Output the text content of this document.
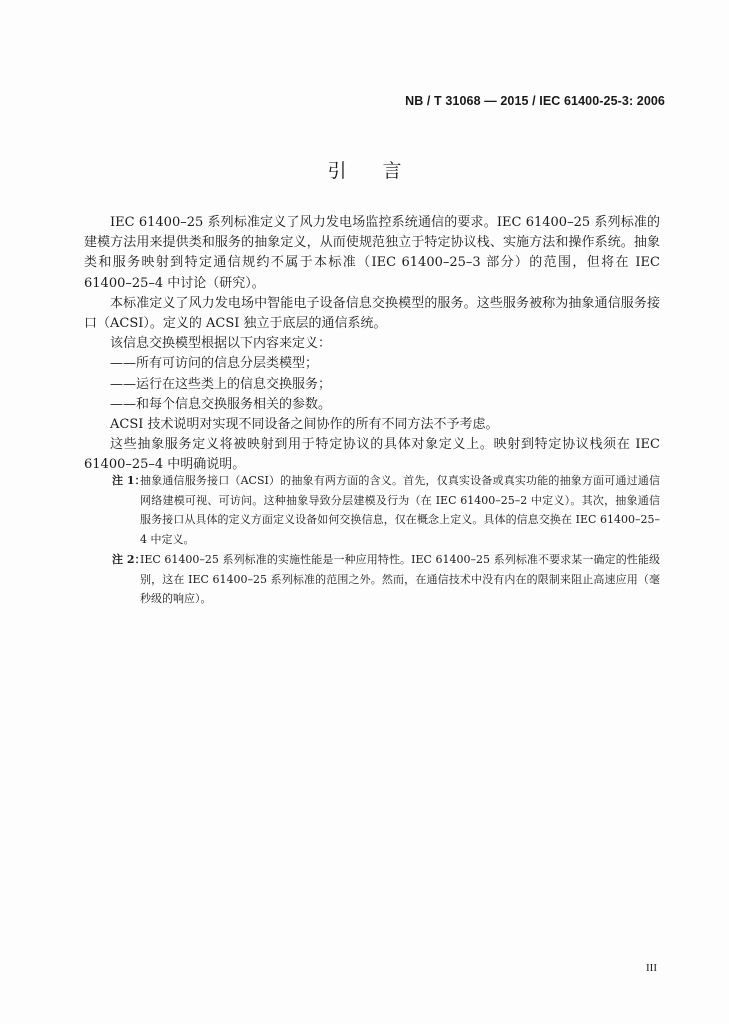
NB / T 31068 — 2015 / IEC 61400-25-3: 2006
引言

IEC 61400–25 系列标准定义了风力发电场监控系统通信的要求。IEC 61400–25 系列标准的建模方法用来提供类和服务的抽象定义，从而使规范独立于特定协议栈、实施方法和操作系统。抽象类和服务映射到特定通信规约不属于本标准（IEC 61400–25–3 部分）的范围，但将在 IEC 61400–25–4 中讨论（研究）。

本标准定义了风力发电场中智能电子设备信息交换模型的服务。这些服务被称为抽象通信服务接口（ACSI）。定义的 ACSI 独立于底层的通信系统。

该信息交换模型根据以下内容来定义：

——所有可访问的信息分层类模型；

——运行在这些类上的信息交换服务；

——和每个信息交换服务相关的参数。

ACSI 技术说明对实现不同设备之间协作的所有不同方法不予考虑。

这些抽象服务定义将被映射到用于特定协议的具体对象定义上。映射到特定协议栈须在 IEC 61400–25–4 中明确说明。

注 1：
抽象通信服务接口（ACSI）的抽象有两方面的含义。首先，仅真实设备或真实功能的抽象方面可通过通信网络建模可视、可访问。这种抽象导致分层建模及行为（在 IEC 61400–25–2 中定义）。其次，抽象通信服务接口从具体的定义方面定义设备如何交换信息，仅在概念上定义。具体的信息交换在 IEC 61400–25–4 中定义。
注 2：
IEC 61400–25 系列标准的实施性能是一种应用特性。IEC 61400–25 系列标准不要求某一确定的性能级别，这在 IEC 61400–25 系列标准的范围之外。然而，在通信技术中没有内在的限制来阻止高速应用（毫秒级的响应）。
III
